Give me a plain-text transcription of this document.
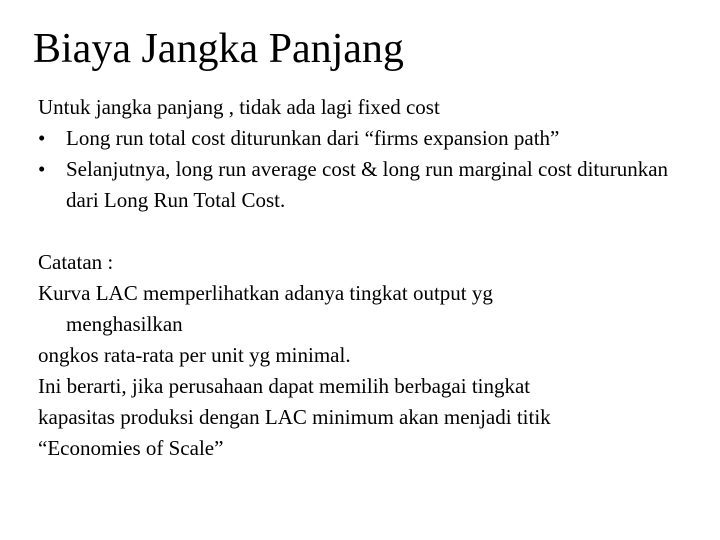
Biaya Jangka Panjang
Untuk jangka panjang , tidak ada lagi fixed cost
• Long run total cost diturunkan dari “firms expansion path”
• Selanjutnya, long run average cost & long run marginal cost diturunkan dari Long Run Total Cost.
Catatan :
Kurva LAC memperlihatkan adanya tingkat output yg
menghasilkan
ongkos rata-rata per unit yg minimal.
Ini berarti, jika perusahaan dapat memilih berbagai tingkat
kapasitas produksi dengan LAC minimum akan menjadi titik
“Economies of Scale”
